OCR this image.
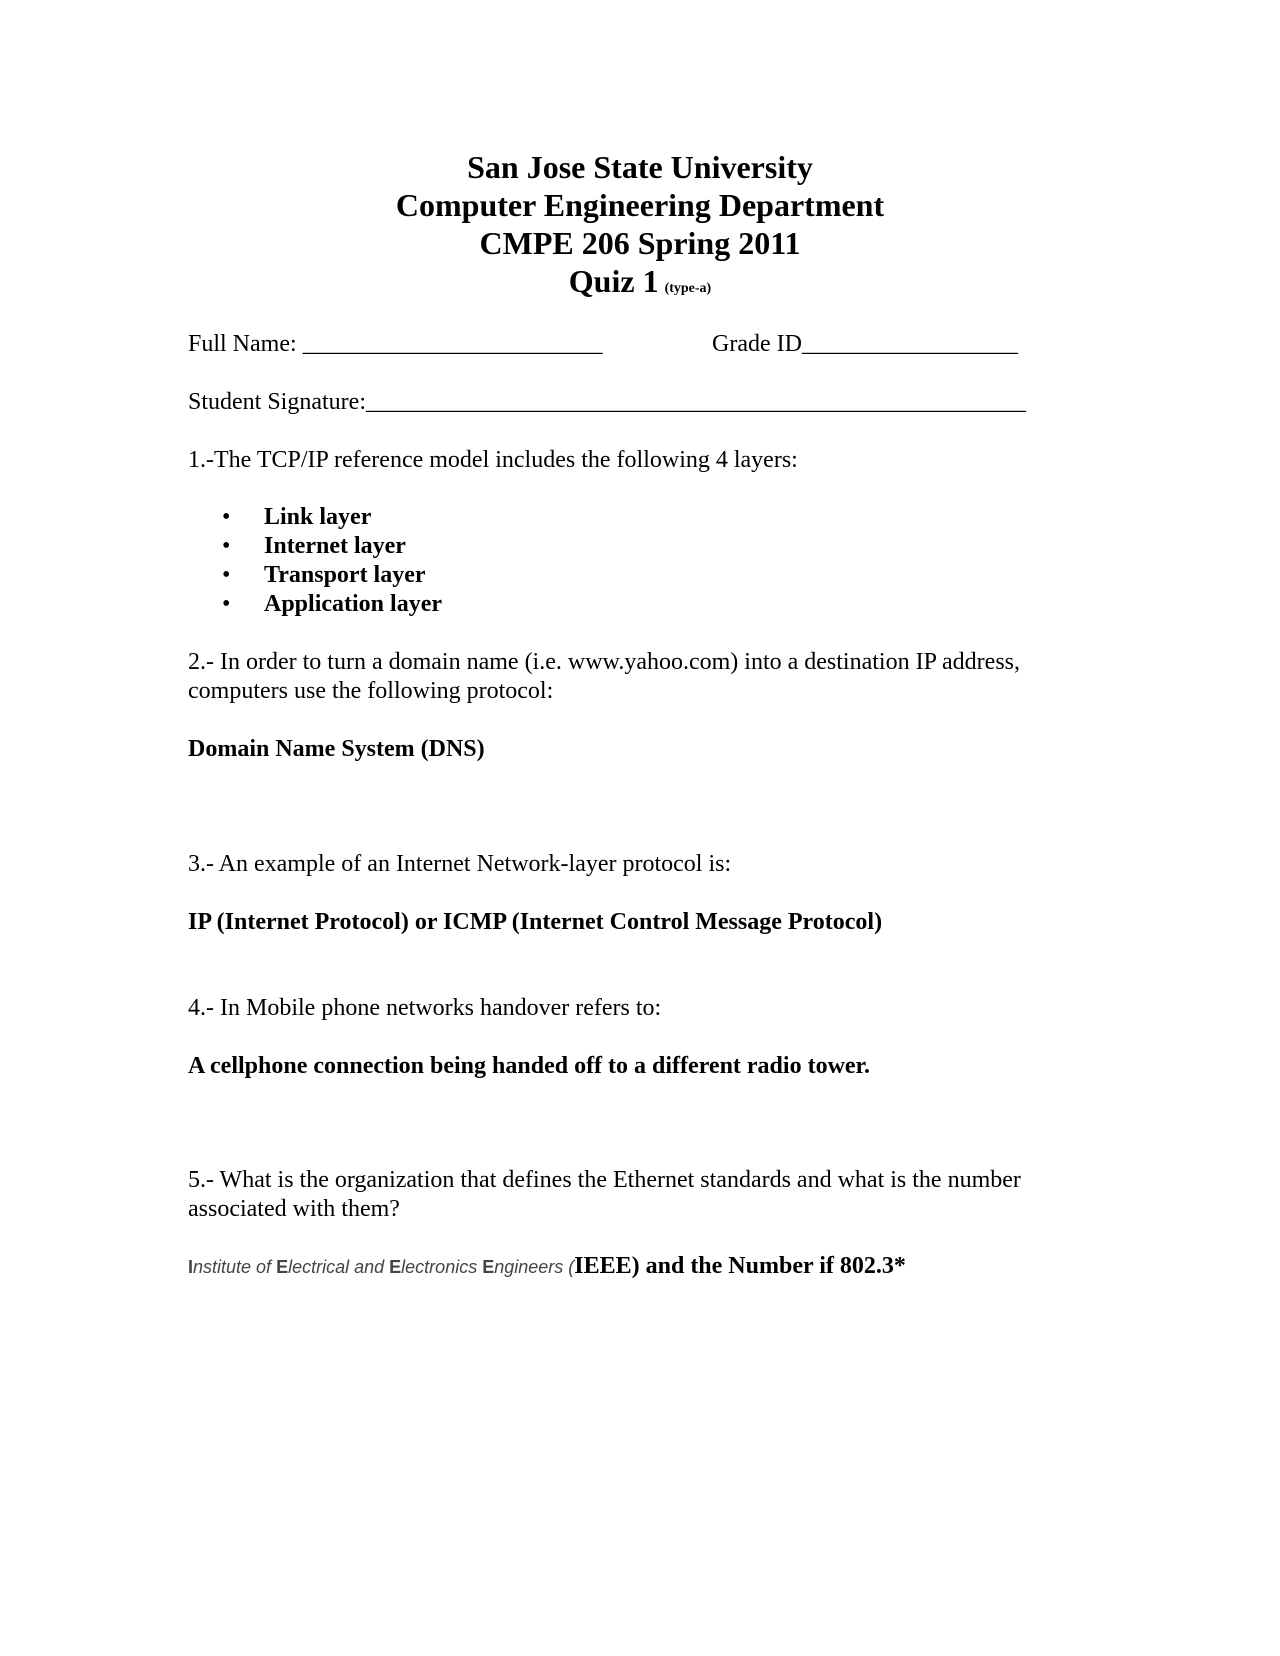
San Jose State University
Computer Engineering Department
CMPE 206 Spring 2011
Quiz 1 (type-a)
Full Name: _________________________	Grade ID__________________
Student Signature:_______________________________________________________
1.-The TCP/IP reference model includes the following 4 layers:
• Link layer
• Internet layer
• Transport layer
• Application layer
2.- In order to turn a domain name (i.e. www.yahoo.com) into a destination IP address, computers use the following protocol:
Domain Name System (DNS)
3.- An example of an Internet Network-layer protocol is:
IP (Internet Protocol) or ICMP (Internet Control Message Protocol)
4.- In Mobile phone networks handover refers to:
A cellphone connection being handed off to a different radio tower.
5.- What is the organization that defines the Ethernet standards and what is the number associated with them?
Institute of Electrical and Electronics Engineers (IEEE) and the Number if 802.3*
